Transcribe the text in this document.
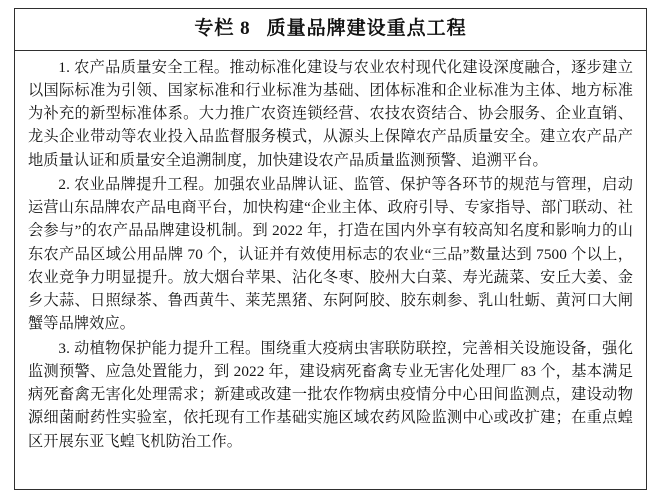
专栏 8 质量品牌建设重点工程

1. 农产品质量安全工程。推动标准化建设与农业农村现代化建设深度融合，逐步建立以国际标准为引领、国家标准和行业标准为基础、团体标准和企业标准为主体、地方标准为补充的新型标准体系。大力推广农资连锁经营、农技农资结合、协会服务、企业直销、龙头企业带动等农业投入品监督服务模式，从源头上保障农产品质量安全。建立农产品产地质量认证和质量安全追溯制度，加快建设农产品质量监测预警、追溯平台。

2. 农业品牌提升工程。加强农业品牌认证、监管、保护等各环节的规范与管理，启动运营山东品牌农产品电商平台，加快构建“企业主体、政府引导、专家指导、部门联动、社会参与”的农产品品牌建设机制。到 2022 年，打造在国内外享有较高知名度和影响力的山东农产品区域公用品牌 70 个，认证并有效使用标志的农业“三品”数量达到 7500 个以上，农业竞争力明显提升。放大烟台苹果、沾化冬枣、胶州大白菜、寿光蔬菜、安丘大姜、金乡大蒜、日照绿茶、鲁西黄牛、莱芜黑猪、东阿阿胶、胶东刺参、乳山牡蛎、黄河口大闸蟹等品牌效应。

3. 动植物保护能力提升工程。围绕重大疫病虫害联防联控，完善相关设施设备，强化监测预警、应急处置能力，到 2022 年，建设病死畜禽专业无害化处理厂 83 个，基本满足病死畜禽无害化处理需求；新建或改建一批农作物病虫疫情分中心田间监测点，建设动物源细菌耐药性实验室，依托现有工作基础实施区域农药风险监测中心或改扩建；在重点蝗区开展东亚飞蝗飞机防治工作。
